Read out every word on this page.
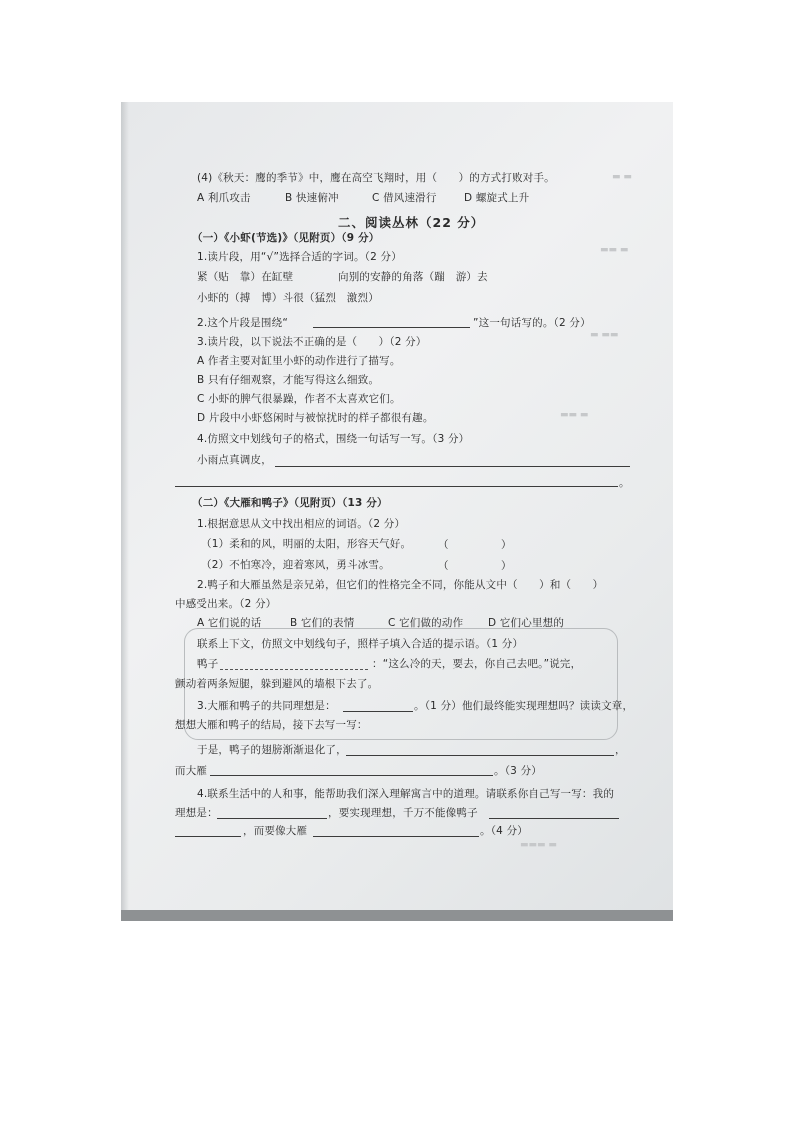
▬ ▬
▬▬ ▬
▬ ▬▬
▬▬ ▬
▬▬▬ ▬
(4)《秋天：鹰的季节》中，鹰在高空飞翔时，用（　　）的方式打败对手。
A 利爪攻击	B 快速俯冲	C 借风速滑行	D 螺旋式上升
二、阅读丛林（22 分）
（一）《小虾(节选)》（见附页）（9 分）
1.读片段，用“√”选择合适的字词。（2 分）
紧（贴　靠）在缸壁	向别的安静的角落（蹦　游）去
小虾的（搏　博）斗很（猛烈　激烈）
2.这个片段是围绕“	”这一句话写的。（2 分）
3.读片段，以下说法不正确的是（　　）（2 分）
A 作者主要对缸里小虾的动作进行了描写。
B 只有仔细观察，才能写得这么细致。
C 小虾的脾气很暴躁，作者不太喜欢它们。
D 片段中小虾悠闲时与被惊扰时的样子都很有趣。
4.仿照文中划线句子的格式，围绕一句话写一写。（3 分）
小雨点真调皮，
。
（二）《大雁和鸭子》（见附页）（13 分）
1.根据意思从文中找出相应的词语。（2 分）
（1）柔和的风，明丽的太阳，形容天气好。	（　　　　　）
（2）不怕寒冷，迎着寒风，勇斗冰雪。	（　　　　　）
2.鸭子和大雁虽然是亲兄弟，但它们的性格完全不同，你能从文中（　　）和（　　）
中感受出来。（2 分）
A 它们说的话	B 它们的表情	C 它们做的动作 D 它们心里想的
联系上下文，仿照文中划线句子，照样子填入合适的提示语。（1 分）
鸭子	：“这么冷的天，要去，你自己去吧。”说完，
颤动着两条短腿，躲到避风的墙根下去了。
3.大雁和鸭子的共同理想是：	。（1 分）他们最终能实现理想吗？读读文章，
想想大雁和鸭子的结局，接下去写一写：
于是，鸭子的翅膀渐渐退化了，	，
而大雁	。（3 分）
4.联系生活中的人和事，能帮助我们深入理解寓言中的道理。请联系你自己写一写：我的
理想是：	，要实现理想，千万不能像鸭子
，而要像大雁	。（4 分）
